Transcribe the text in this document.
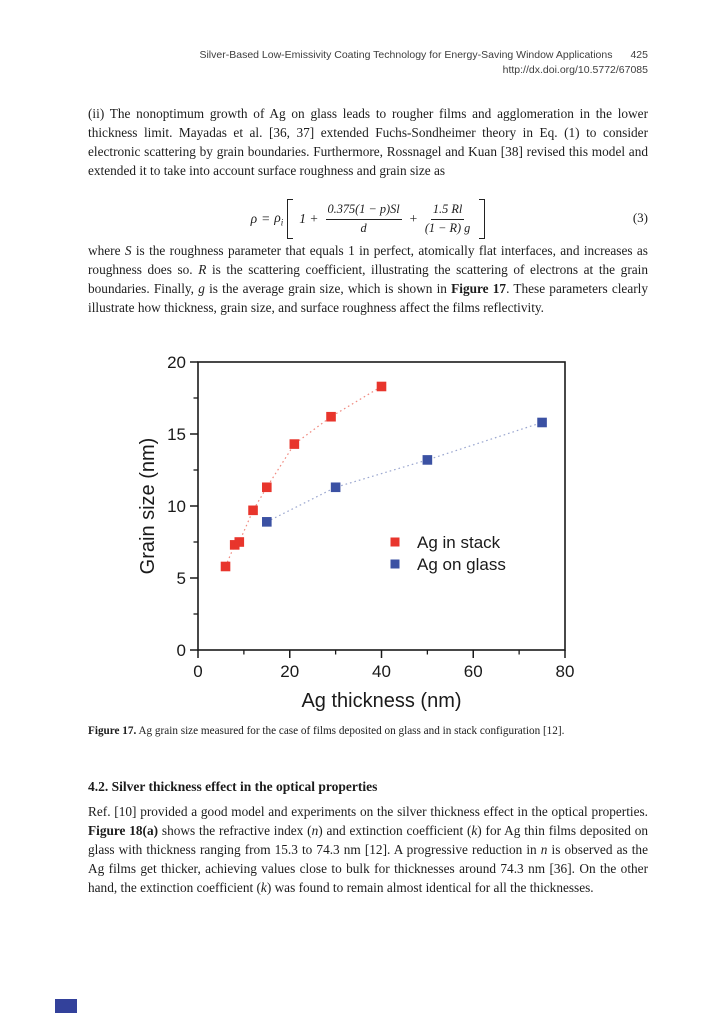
Silver-Based Low-Emissivity Coating Technology for Energy-Saving Window Applications 425
http://dx.doi.org/10.5772/67085
(ii) The nonoptimum growth of Ag on glass leads to rougher films and agglomeration in the lower thickness limit. Mayadas et al. [36, 37] extended Fuchs-Sondheimer theory in Eq. (1) to consider electronic scattering by grain boundaries. Furthermore, Rossnagel and Kuan [38] revised this model and extended it to take into account surface roughness and grain size as
$\rho = \rho_i$ $1 + \frac{0.375(1 - p)Sl}{d} + \frac{1.5 Rl}{(1 - R) g}$	(3)
where S is the roughness parameter that equals 1 in perfect, atomically flat interfaces, and increases as roughness does so. R is the scattering coefficient, illustrating the scattering of electrons at the grain boundaries. Finally, g is the average grain size, which is shown in Figure 17. These parameters clearly illustrate how thickness, grain size, and surface roughness affect the films reflectivity.
0	20	40	60	80
0
5
10
15
20
Ag thickness (nm)
Grain size (nm)	Ag in stack
Ag on glass
Figure 17. Ag grain size measured for the case of films deposited on glass and in stack configuration [12].
4.2. Silver thickness effect in the optical properties
Ref. [10] provided a good model and experiments on the silver thickness effect in the optical properties. Figure 18(a) shows the refractive index (n) and extinction coefficient (k) for Ag thin films deposited on glass with thickness ranging from 15.3 to 74.3 nm [12]. A progressive reduction in n is observed as the Ag films get thicker, achieving values close to bulk for thicknesses around 74.3 nm [36]. On the other hand, the extinction coefficient (k) was found to remain almost identical for all the thicknesses.
